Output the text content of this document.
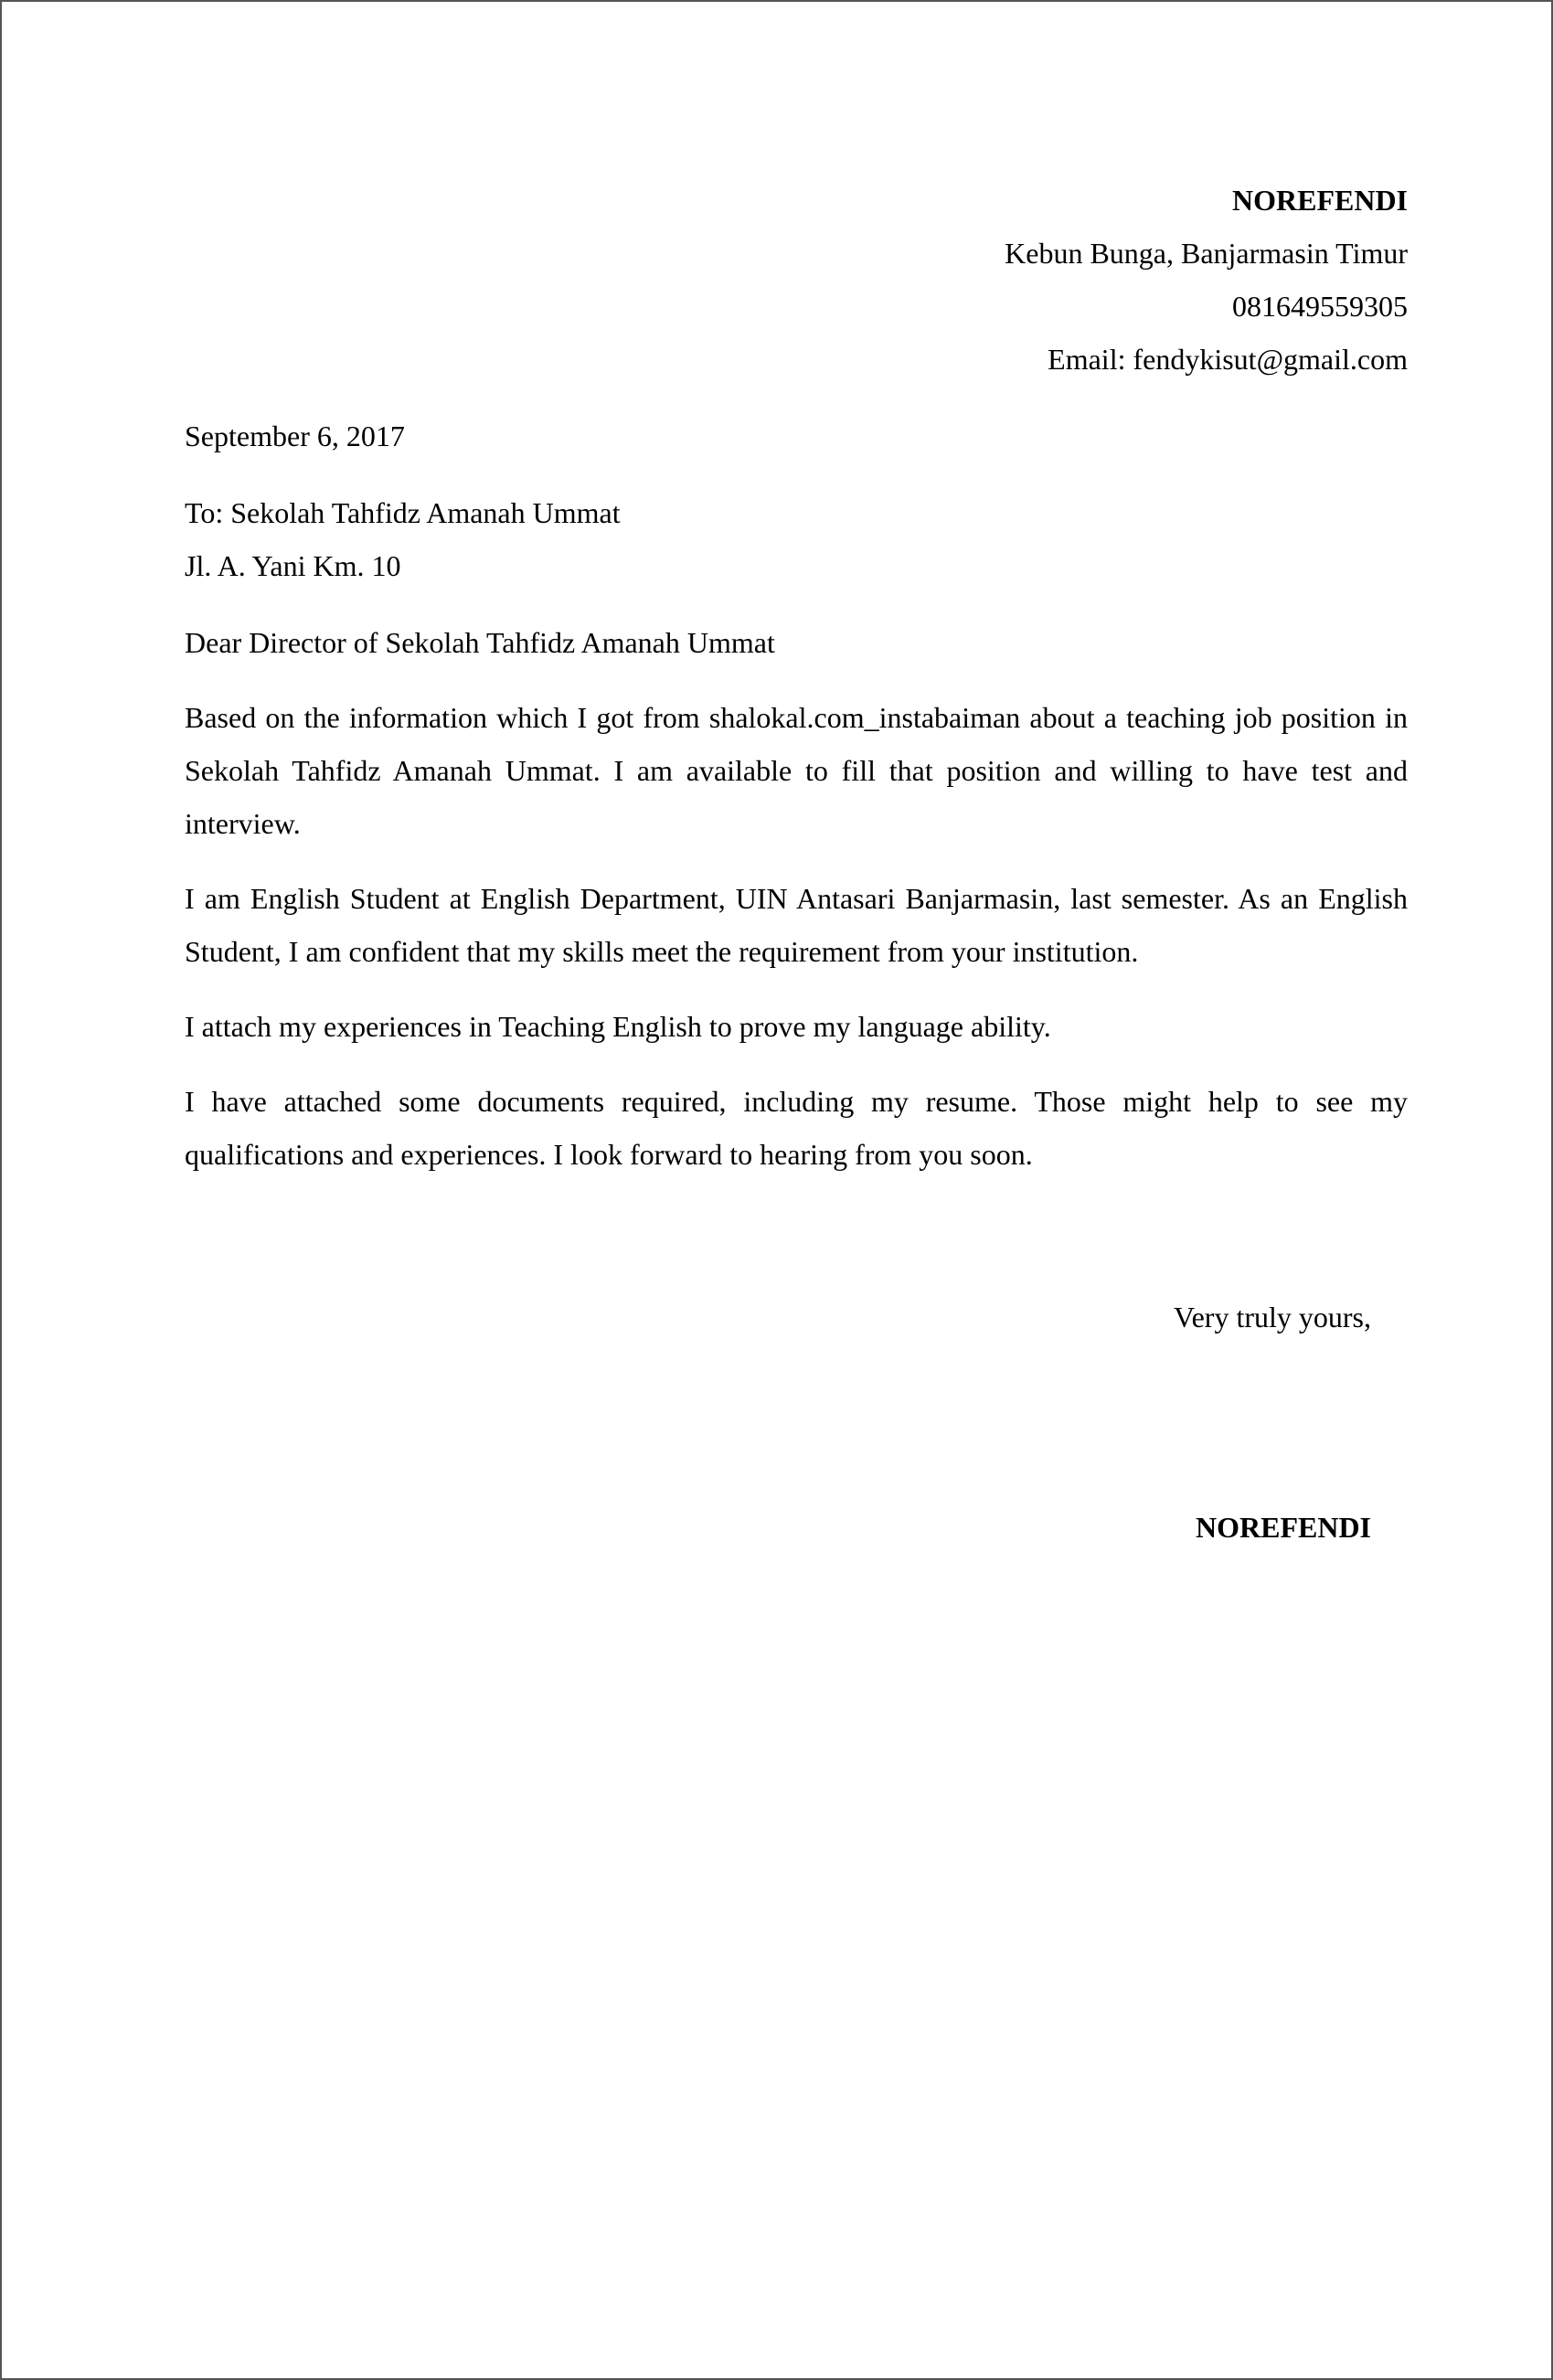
NOREFENDI
Kebun Bunga, Banjarmasin Timur
081649559305
Email: fendykisut@gmail.com
September 6, 2017
To: Sekolah Tahfidz Amanah Ummat
Jl. A. Yani Km. 10
Dear Director of Sekolah Tahfidz Amanah Ummat
Based on the information which I got from shalokal.com_instabaiman about a teaching job position in Sekolah Tahfidz Amanah Ummat. I am available to fill that position and willing to have test and interview.
I am English Student at English Department, UIN Antasari Banjarmasin, last semester. As an English Student, I am confident that my skills meet the requirement from your institution.
I attach my experiences in Teaching English to prove my language ability.
I have attached some documents required, including my resume. Those might help to see my qualifications and experiences. I look forward to hearing from you soon.
Very truly yours,
NOREFENDI
